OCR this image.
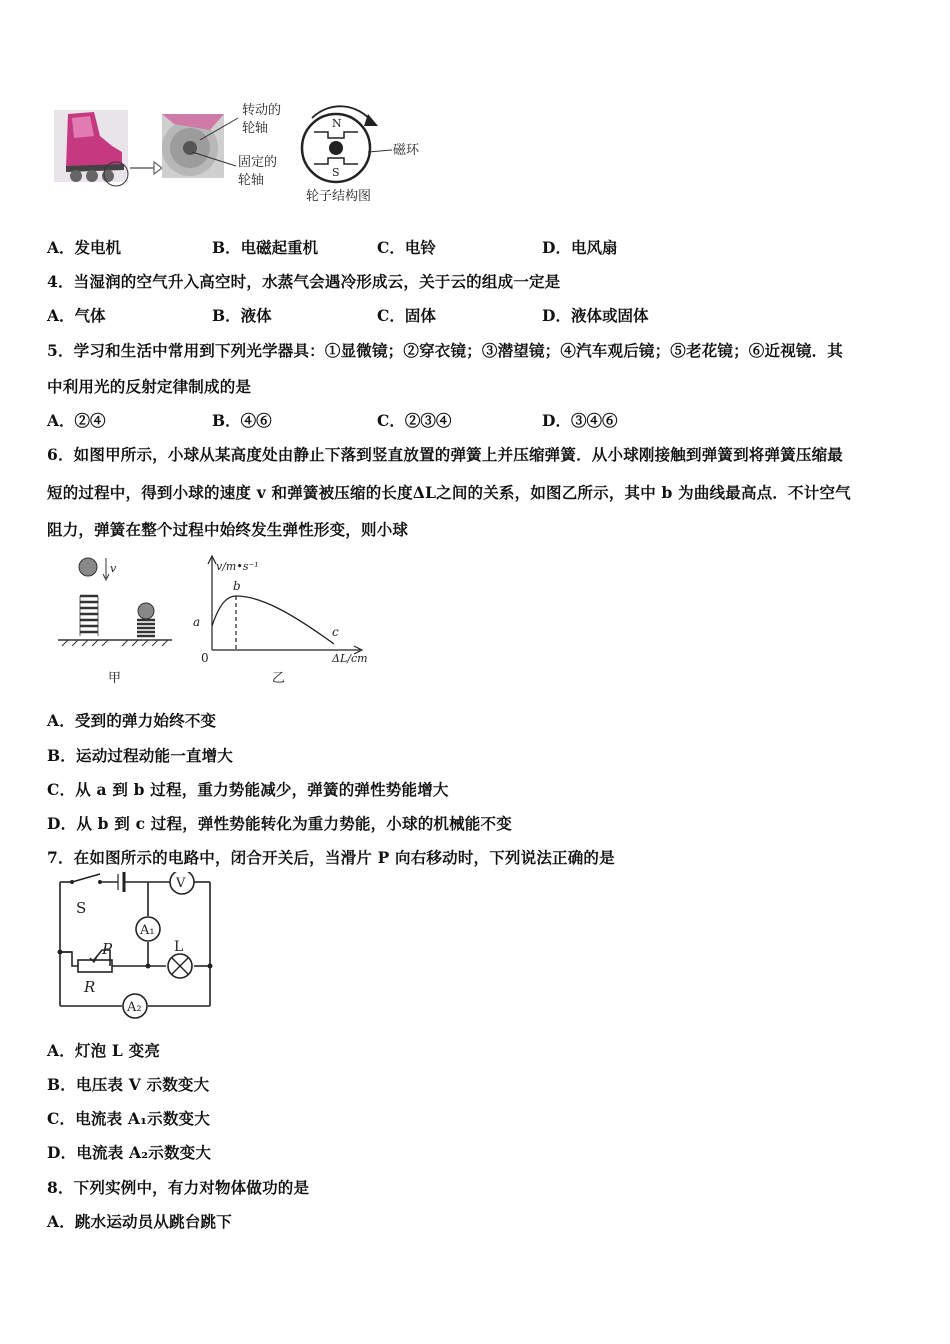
转动的
轮轴
固定的
轮轴
N
S
磁环
轮子结构图
A．发电机	B．电磁起重机	C．电铃	D．电风扇
4．当湿润的空气升入高空时，水蒸气会遇冷形成云，关于云的组成一定是
A．气体	B．液体	C．固体	D．液体或固体
5．学习和生活中常用到下列光学器具：①显微镜；②穿衣镜；③潜望镜；④汽车观后镜；⑤老花镜；⑥近视镜．其
中利用光的反射定律制成的是
A．②④	B．④⑥	C．②③④	D．③④⑥
6．如图甲所示，小球从某高度处由静止下落到竖直放置的弹簧上并压缩弹簧．从小球刚接触到弹簧到将弹簧压缩最
短的过程中，得到小球的速度 v 和弹簧被压缩的长度ΔL之间的关系，如图乙所示，其中 b 为曲线最高点．不计空气
阻力，弹簧在整个过程中始终发生弹性形变，则小球
v
甲
v/m•s⁻¹
b
a
c
0	ΔL/cm
乙
A．受到的弹力始终不变
B．运动过程动能一直增大
C．从 a 到 b 过程，重力势能减少，弹簧的弹性势能增大
D．从 b 到 c 过程，弹性势能转化为重力势能，小球的机械能不变
7．在如图所示的电路中，闭合开关后，当滑片 P 向右移动时，下列说法正确的是
V
A₁
L
A₂
S
P
R
A．灯泡 L 变亮
B．电压表 V 示数变大
C．电流表 A₁示数变大
D．电流表 A₂示数变大
8．下列实例中，有力对物体做功的是
A．跳水运动员从跳台跳下
